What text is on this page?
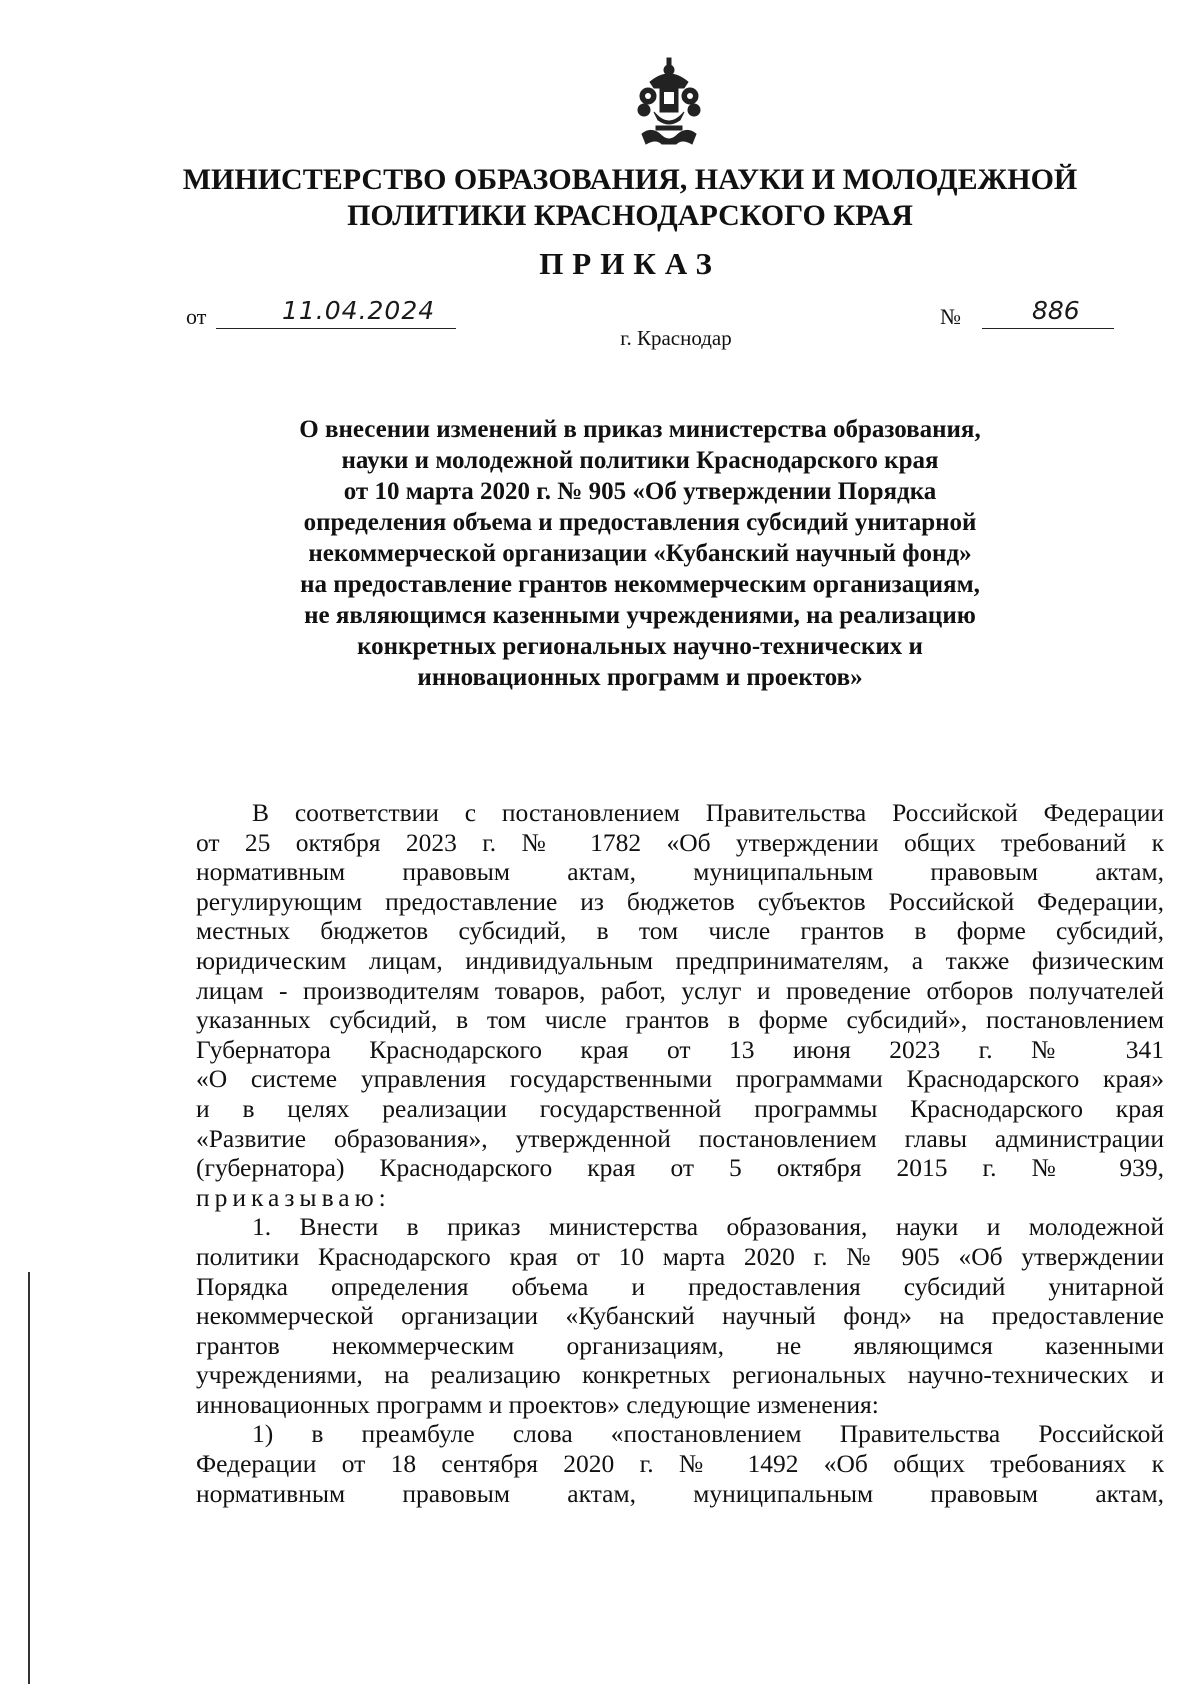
МИНИСТЕРСТВО ОБРАЗОВАНИЯ, НАУКИ И МОЛОДЕЖНОЙ
ПОЛИТИКИ КРАСНОДАРСКОГО КРАЯ
ПРИКАЗ
от	11.04.2024	№	886
г. Краснодар
О внесении изменений в приказ министерства образования,
науки и молодежной политики Краснодарского края
от 10 марта 2020 г. № 905 «Об утверждении Порядка
определения объема и предоставления субсидий унитарной
некоммерческой организации «Кубанский научный фонд»
на предоставление грантов некоммерческим организациям,
не являющимся казенными учреждениями, на реализацию
конкретных региональных научно-технических и
инновационных программ и проектов»

В соответствии с постановлением Правительства Российской Федерации

от 25 октября 2023 г. № 1782 «Об утверждении общих требований к

нормативным правовым актам, муниципальным правовым актам,

регулирующим предоставление из бюджетов субъектов Российской Федерации,

местных бюджетов субсидий, в том числе грантов в форме субсидий,

юридическим лицам, индивидуальным предпринимателям, а также физическим

лицам - производителям товаров, работ, услуг и проведение отборов получателей

указанных субсидий, в том числе грантов в форме субсидий», постановлением

Губернатора Краснодарского края от 13 июня 2023 г. № 341

«О системе управления государственными программами Краснодарского края»

и в целях реализации государственной программы Краснодарского края

«Развитие образования», утвержденной постановлением главы администрации

(губернатора) Краснодарского края от 5 октября 2015 г. № 939,

приказываю:

1. Внести в приказ министерства образования, науки и молодежной

политики Краснодарского края от 10 марта 2020 г. № 905 «Об утверждении

Порядка определения объема и предоставления субсидий унитарной

некоммерческой организации «Кубанский научный фонд» на предоставление

грантов некоммерческим организациям, не являющимся казенными

учреждениями, на реализацию конкретных региональных научно-технических и

инновационных программ и проектов» следующие изменения:

1) в преамбуле слова «постановлением Правительства Российской

Федерации от 18 сентября 2020 г. № 1492 «Об общих требованиях к

нормативным правовым актам, муниципальным правовым актам,
